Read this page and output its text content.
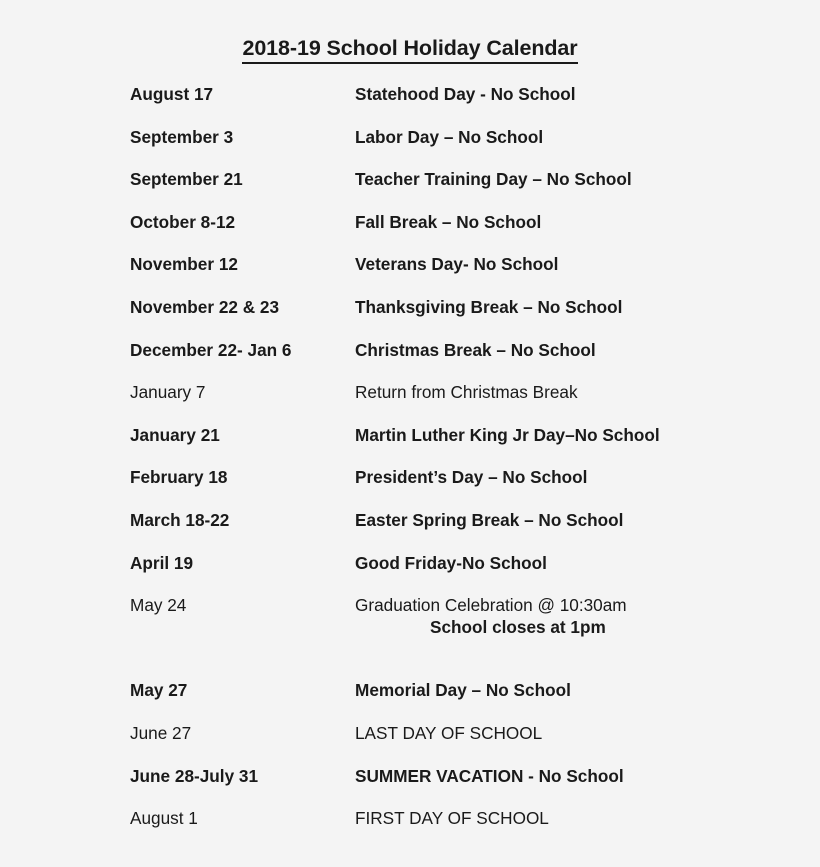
2018-19 School Holiday Calendar
August 17	Statehood Day - No School
September 3	Labor Day – No School
September 21	Teacher Training Day – No School
October 8-12	Fall Break – No School
November 12	Veterans Day- No School
November 22 & 23	Thanksgiving Break – No School
December 22- Jan 6	Christmas Break – No School
January 7	Return from Christmas Break
January 21	Martin Luther King Jr Day–No School
February 18	President’s Day – No School
March 18-22	Easter Spring Break – No School
April 19	Good Friday-No School
May 24	Graduation Celebration @ 10:30am
School closes at 1pm
May 27	Memorial Day – No School
June 27	LAST DAY OF SCHOOL
June 28-July 31	SUMMER VACATION - No School
August 1	FIRST DAY OF SCHOOL
